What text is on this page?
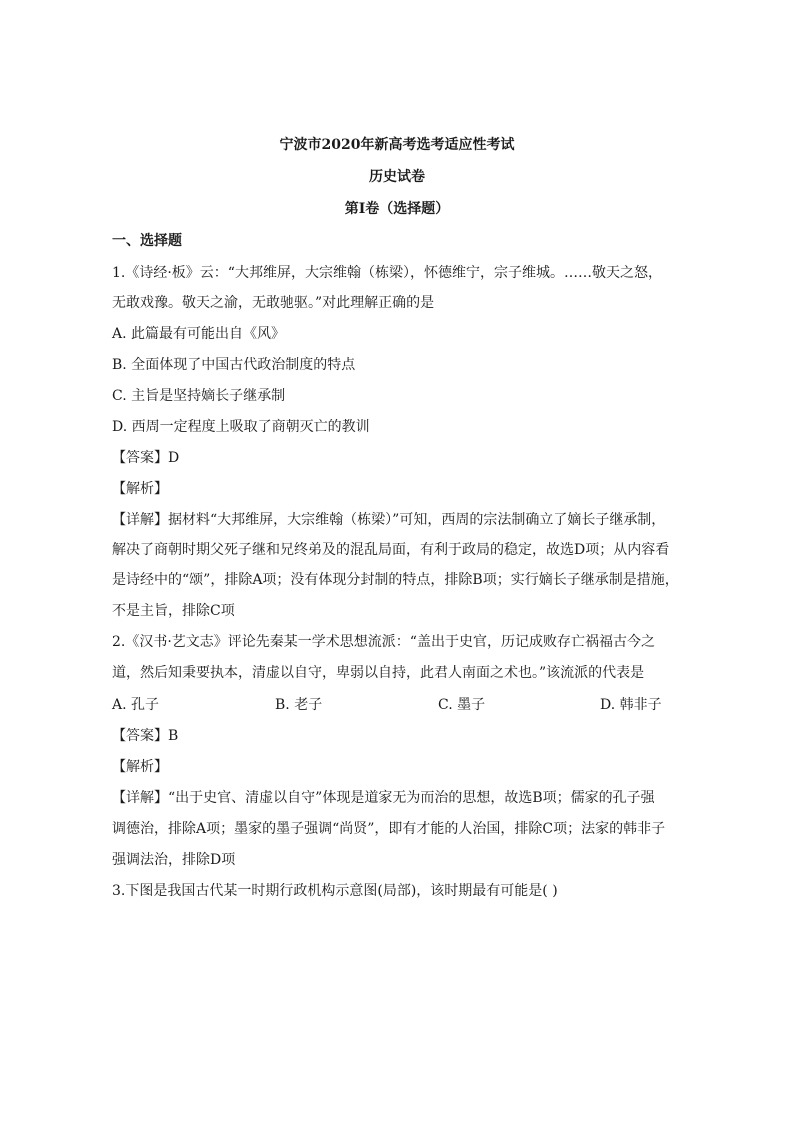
宁波市2020年新高考选考适应性考试
历史试卷
第I卷（选择题）
一、选择题
1.《诗经·板》云：“大邦维屏，大宗维翰（栋梁），怀德维宁，宗子维城。……敬天之怒，
无敢戏豫。敬天之渝，无敢驰驱。”对此理解正确的是
A. 此篇最有可能出自《风》
B. 全面体现了中国古代政治制度的特点
C. 主旨是坚持嫡长子继承制
D. 西周一定程度上吸取了商朝灭亡的教训
【答案】D
【解析】
【详解】据材料“大邦维屏，大宗维翰（栋梁）”可知，西周的宗法制确立了嫡长子继承制，
解决了商朝时期父死子继和兄终弟及的混乱局面，有利于政局的稳定，故选D项；从内容看
是诗经中的“颂”，排除A项；没有体现分封制的特点，排除B项；实行嫡长子继承制是措施，
不是主旨，排除C项
2.《汉书·艺文志》评论先秦某一学术思想流派：“盖出于史官，历记成败存亡祸福古今之
道，然后知秉要执本，清虚以自守，卑弱以自持，此君人南面之术也。”该流派的代表是
A. 孔子	B. 老子	C. 墨子	D. 韩非子
【答案】B
【解析】
【详解】“出于史官、清虚以自守”体现是道家无为而治的思想，故选B项；儒家的孔子强
调德治，排除A项；墨家的墨子强调“尚贤”，即有才能的人治国，排除C项；法家的韩非子
强调法治，排除D项
3.下图是我国古代某一时期行政机构示意图(局部)，该时期最有可能是( )
